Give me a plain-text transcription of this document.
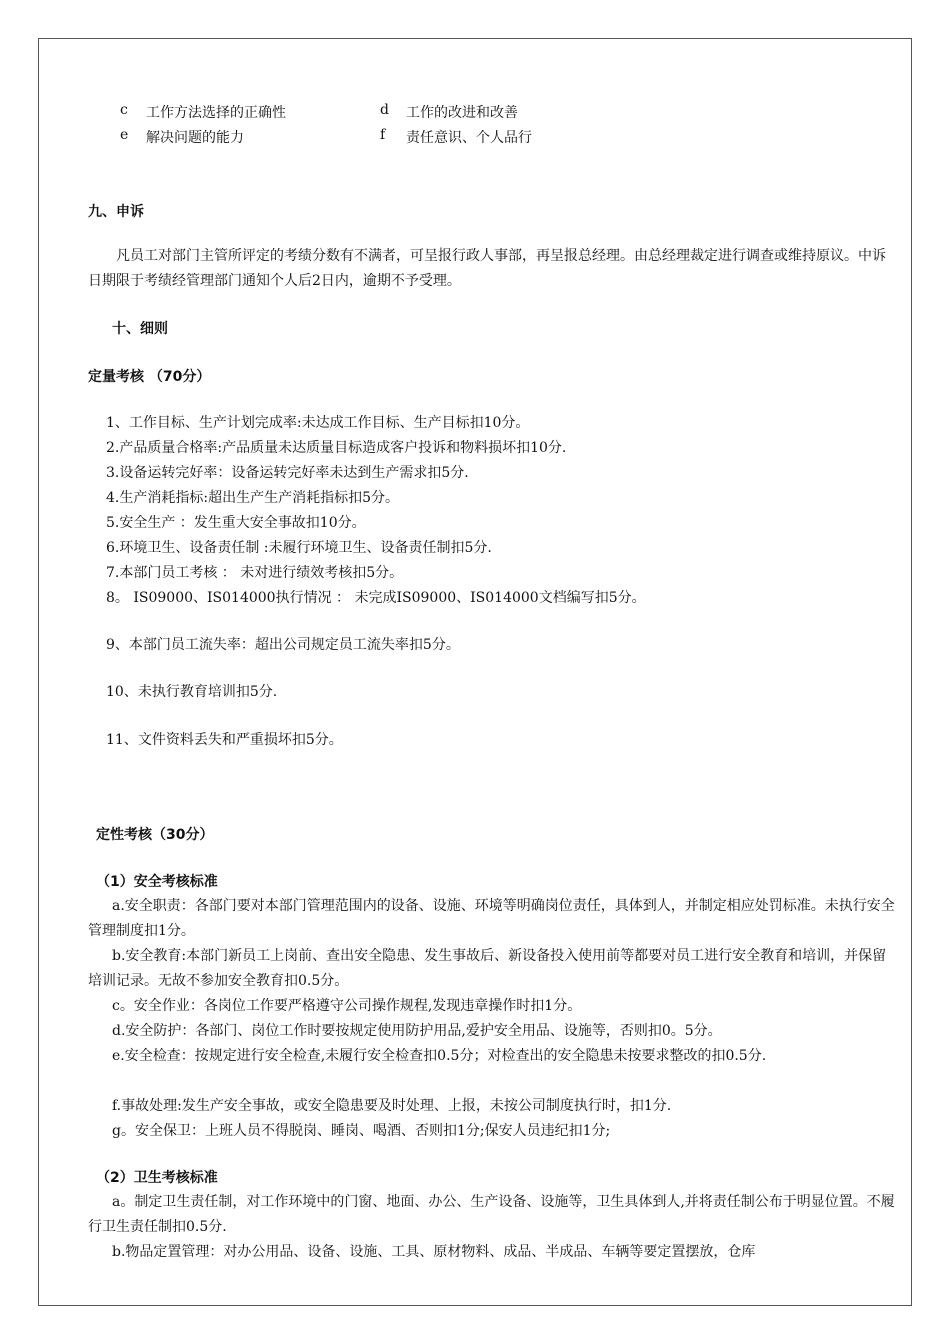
c 工作方法选择的正确性	d 工作的改进和改善
e 解决问题的能力	f 责任意识、个人品行
九、申诉
凡员工对部门主管所评定的考绩分数有不满者，可呈报行政人事部，再呈报总经理。由总经理裁定进行调查或维持原议。中诉日期限于考绩经管理部门通知个人后2日内，逾期不予受理。
十、细则
定量考核 （70分）
1、工作目标、生产计划完成率:未达成工作目标、生产目标扣10分。
2.产品质量合格率:产品质量未达质量目标造成客户投诉和物料损坏扣10分.
3.设备运转完好率：设备运转完好率未达到生产需求扣5分.
4.生产消耗指标:超出生产生产消耗指标扣5分。
5.安全生产 ：发生重大安全事故扣10分。
6.环境卫生、设备责任制 :未履行环境卫生、设备责任制扣5分.
7.本部门员工考核 ： 未对进行绩效考核扣5分。
8。 IS09000、IS014000执行情况 ： 未完成IS09000、IS014000文档编写扣5分。
9、本部门员工流失率：超出公司规定员工流失率扣5分。
10、未执行教育培训扣5分.
11、文件资料丢失和严重损坏扣5分。
定性考核（30分）
（1）安全考核标准
a.安全职责：各部门要对本部门管理范围内的设备、设施、环境等明确岗位责任，具体到人，并制定相应处罚标准。未执行安全管理制度扣1分。
b.安全教育:本部门新员工上岗前、查出安全隐患、发生事故后、新设备投入使用前等都要对员工进行安全教育和培训，并保留培训记录。无故不参加安全教育扣0.5分。
c。安全作业：各岗位工作要严格遵守公司操作规程,发现违章操作时扣1分。
d.安全防护：各部门、岗位工作时要按规定使用防护用品,爱护安全用品、设施等，否则扣0。5分。
e.安全检查：按规定进行安全检查,未履行安全检查扣0.5分；对检查出的安全隐患未按要求整改的扣0.5分.
f.事故处理:发生产安全事故，或安全隐患要及时处理、上报，未按公司制度执行时，扣1分.
g。安全保卫：上班人员不得脱岗、睡岗、喝酒、否则扣1分;保安人员违纪扣1分;
（2）卫生考核标准
a。制定卫生责任制，对工作环境中的门窗、地面、办公、生产设备、设施等，卫生具体到人,并将责任制公布于明显位置。不履行卫生责任制扣0.5分.
b.物品定置管理：对办公用品、设备、设施、工具、原材物料、成品、半成品、车辆等要定置摆放，仓库
